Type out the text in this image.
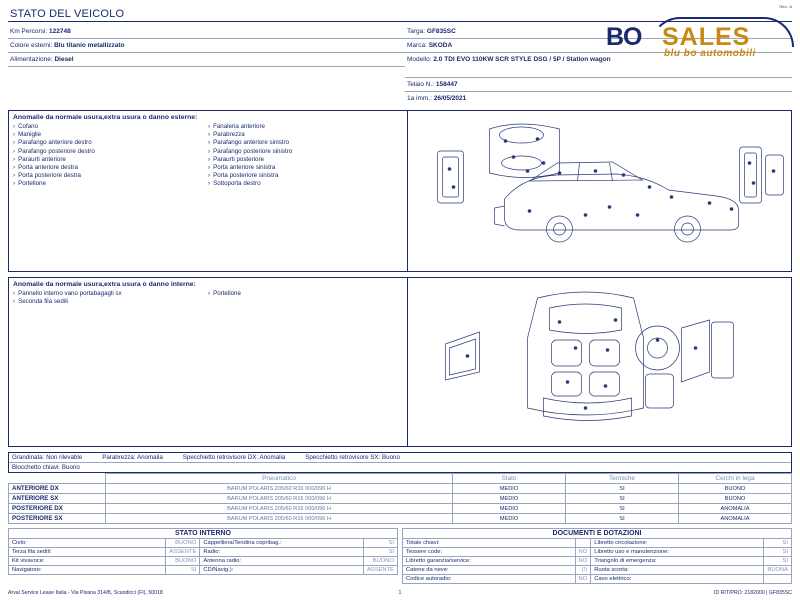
Rev.: A
STATO DEL VEICOLO
Km Percorsi: 122748
Colore esterni: Blu titanio metallizzato
Alimentazione: Diesel
Targa: GF835SC
Marca: SKODA
Modello: 2.0 TDI EVO 110KW SCR STYLE DSG / 5P / Station wagon
Telaio N.: 158447
1a imm.: 26/05/2021
BO SALES
blu bo automobili
Anomalie da normale usura,extra usura o danno esterne:
› Cofano
› Maniglie
› Parafango anteriore destro
› Parafango posteriore destro
› Paraurti anteriore
› Porta anteriore destra
› Porta posteriore destra
› Portellone
› Fanaleria anteriore
› Parabrezza
› Parafango anteriore sinistro
› Parafango posteriore sinistro
› Paraurti posteriore
› Porta anteriore sinistra
› Porta posteriore sinistra
› Sottoporta destro
Anomalie da normale usura,extra usura o danno interne:
› Pannello interno vano portabagagli sx
› Seconda fila sedili
› Portellone
Grandinata: Non rilevable	Parabrezza: Anomalia	Specchietto retrovisore DX: Anomalia	Specchietto retrovisore SX: Buono
Blocchetto chiavi: Buono
	Pneumatico	Stato	Termiche	Cerchi in lega
ANTERIORE DX	BARUM POLARIS 205/60 R16 000/096 H	MEDIO	SI	BUONO
ANTERIORE SX	BARUM POLARIS 205/60 R16 000/096 H	MEDIO	SI	BUONO
POSTERIORE DX	BARUM POLARIS 205/60 R16 000/096 H	MEDIO	SI	ANOMALIA
POSTERIORE SX	BARUM POLARIS 205/60 R16 000/096 H	MEDIO	SI	ANOMALIA
STATO INTERNO
Cielo:	BUONO	Cappelliera/Tendina copribag.:	SI
Terza fila sedili:	ASSENTE	Radio:	SI
Kit vivavoce:	BUONO	Antenna radio:	BUONO
Navigatore:	SI	CD/Navig.):	ASSENTE
DOCUMENTI E DOTAZIONI
Totale chiavi:		Libretto circolazione:	SI
Tessere code:	NO	Libretto uso e manutenzione:	SI
Libretto garanzia/service:	NO	Triangolo di emergenza:	SI
Catene da neve:	(!)	Ruota scorta:	BUONA
Codice autoradio:	NO	Cavo elettrico:	
Arval Service Lease Italia - Via Pisana 314/B, Scandicci (FI), 50018	1	ID RIT/PRO: 2182000 | GF835SC
